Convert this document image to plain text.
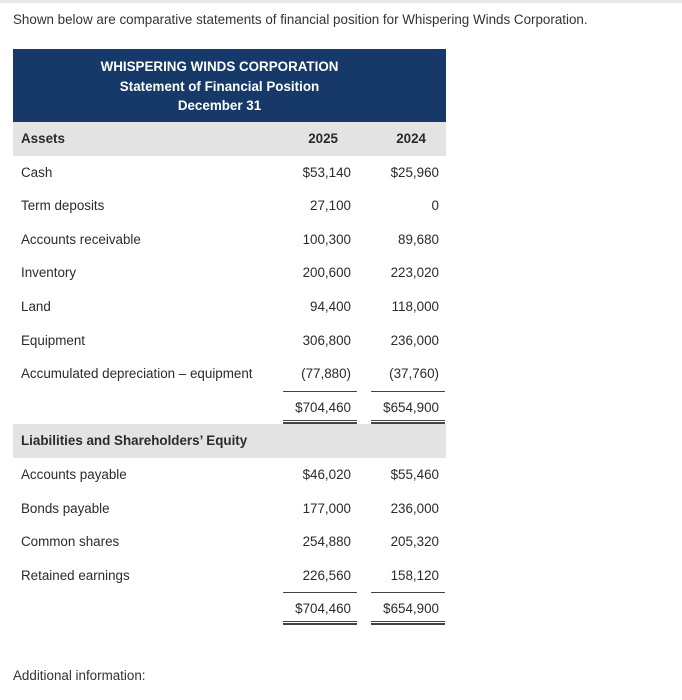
Shown below are comparative statements of financial position for Whispering Winds Corporation.
WHISPERING WINDS CORPORATION
Statement of Financial Position
December 31
Assets	2025	2024
Cash	$53,140	$25,960
Term deposits	27,100	0
Accounts receivable	100,300	89,680
Inventory	200,600	223,020
Land	94,400	118,000
Equipment	306,800	236,000
Accumulated depreciation – equipment	(77,880)	(37,760)
$704,460 $654,900
Liabilities and Shareholders’ Equity
Accounts payable	$46,020	$55,460
Bonds payable	177,000	236,000
Common shares	254,880	205,320
Retained earnings	226,560	158,120
$704,460 $654,900
Additional information:
